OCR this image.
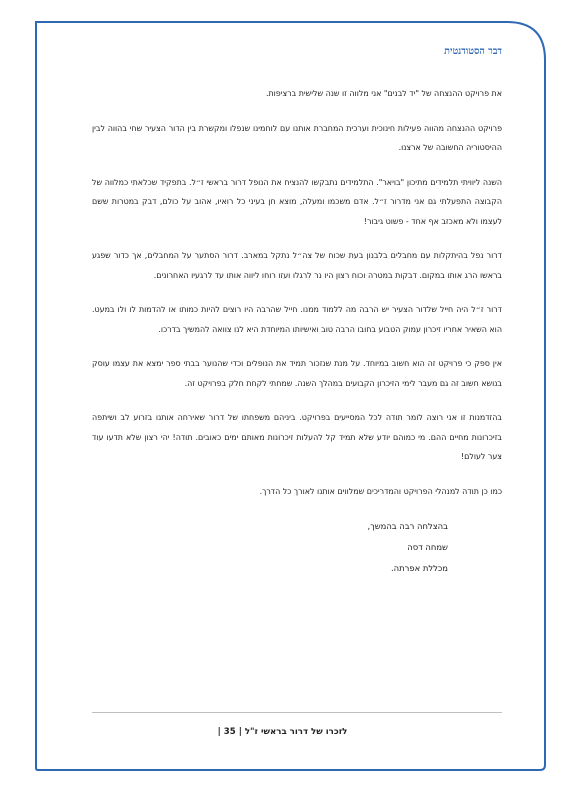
דבר הסטודנטית

את פרויקט ההנצחה של "יד לבנים" אני מלווה זו שנה שלישית ברציפות.

פרויקט ההנצחה מהווה פעילות חינוכית וערכית המחברת אותנו עם לוחמינו שנפלו ומקשרת בין הדור הצעיר שחי בהווה לבין ההיסטוריה החשובה של ארצנו.

השנה ליוויתי תלמידים מתיכון "בויאר". התלמידים נתבקשו להנציח את הנופל דרור בראשי ז״ל. בתפקיד שכלאתי כמלווה של הקבוצה התפעלתי גם אני מדרור ז״ל. אדם משכמו ומעלה, מוצא חן בעיני כל רואיו, אהוב על כולם, דבק במטרות ששם לעצמו ולא מאכזב אף אחד - פשוט גיבור!

דרור נפל בהיתקלות עם מחבלים בלבנון בעת שכוח של צה״ל נתקל במארב. דרור הסתער על המחבלים, אך כדור שפגע בראשו הרג אותו במקום. דבקות במטרה וכוח רצון היו נר לרגלו ועזו רוחו ליווה אותו עד לרגעיו האחרונים.

דרור ז״ל היה חייל שלדור הצעיר יש הרבה מה ללמוד ממנו. חייל שהרבה היו רוצים להיות כמותו או להדמות לו ולו במעט. הוא השאיר אחריו זיכרון עמוק הטבוע בחובו הרבה טוב ואישיותו המיוחדת היא לנו צוואה להמשיך בדרכו.

אין ספק כי פרויקט זה הוא חשוב במיוחד. על מנת שנזכור תמיד את הנופלים וכדי שהנוער בבתי ספר ימצא את עצמו עוסק בנושא חשוב זה גם מעבר לימי הזיכרון הקבועים במהלך השנה. שמחתי לקחת חלק בפרויקט זה.

בהזדמנות זו אני רוצה לומר תודה לכל המסייעים בפרויקט. ביניהם משפחתו של דרור שאירחה אותנו בזרוע לב ושיתפה בזיכרונות מחיים ההם. מי כמוהם יודע שלא תמיד קל להעלות זיכרונות מאותם ימים כאובים. תודה! יהי רצון שלא תדעו עוד צער לעולם!

כמו כן תודה למנהלי הפרויקט והמדריכים שמלווים אותנו לאורך כל הדרך.

בהצלחה רבה בהמשך,
שמחה דסה
מכללת אפרתה.
לזכרו של דרור בראשי ז"ל | 35 |
